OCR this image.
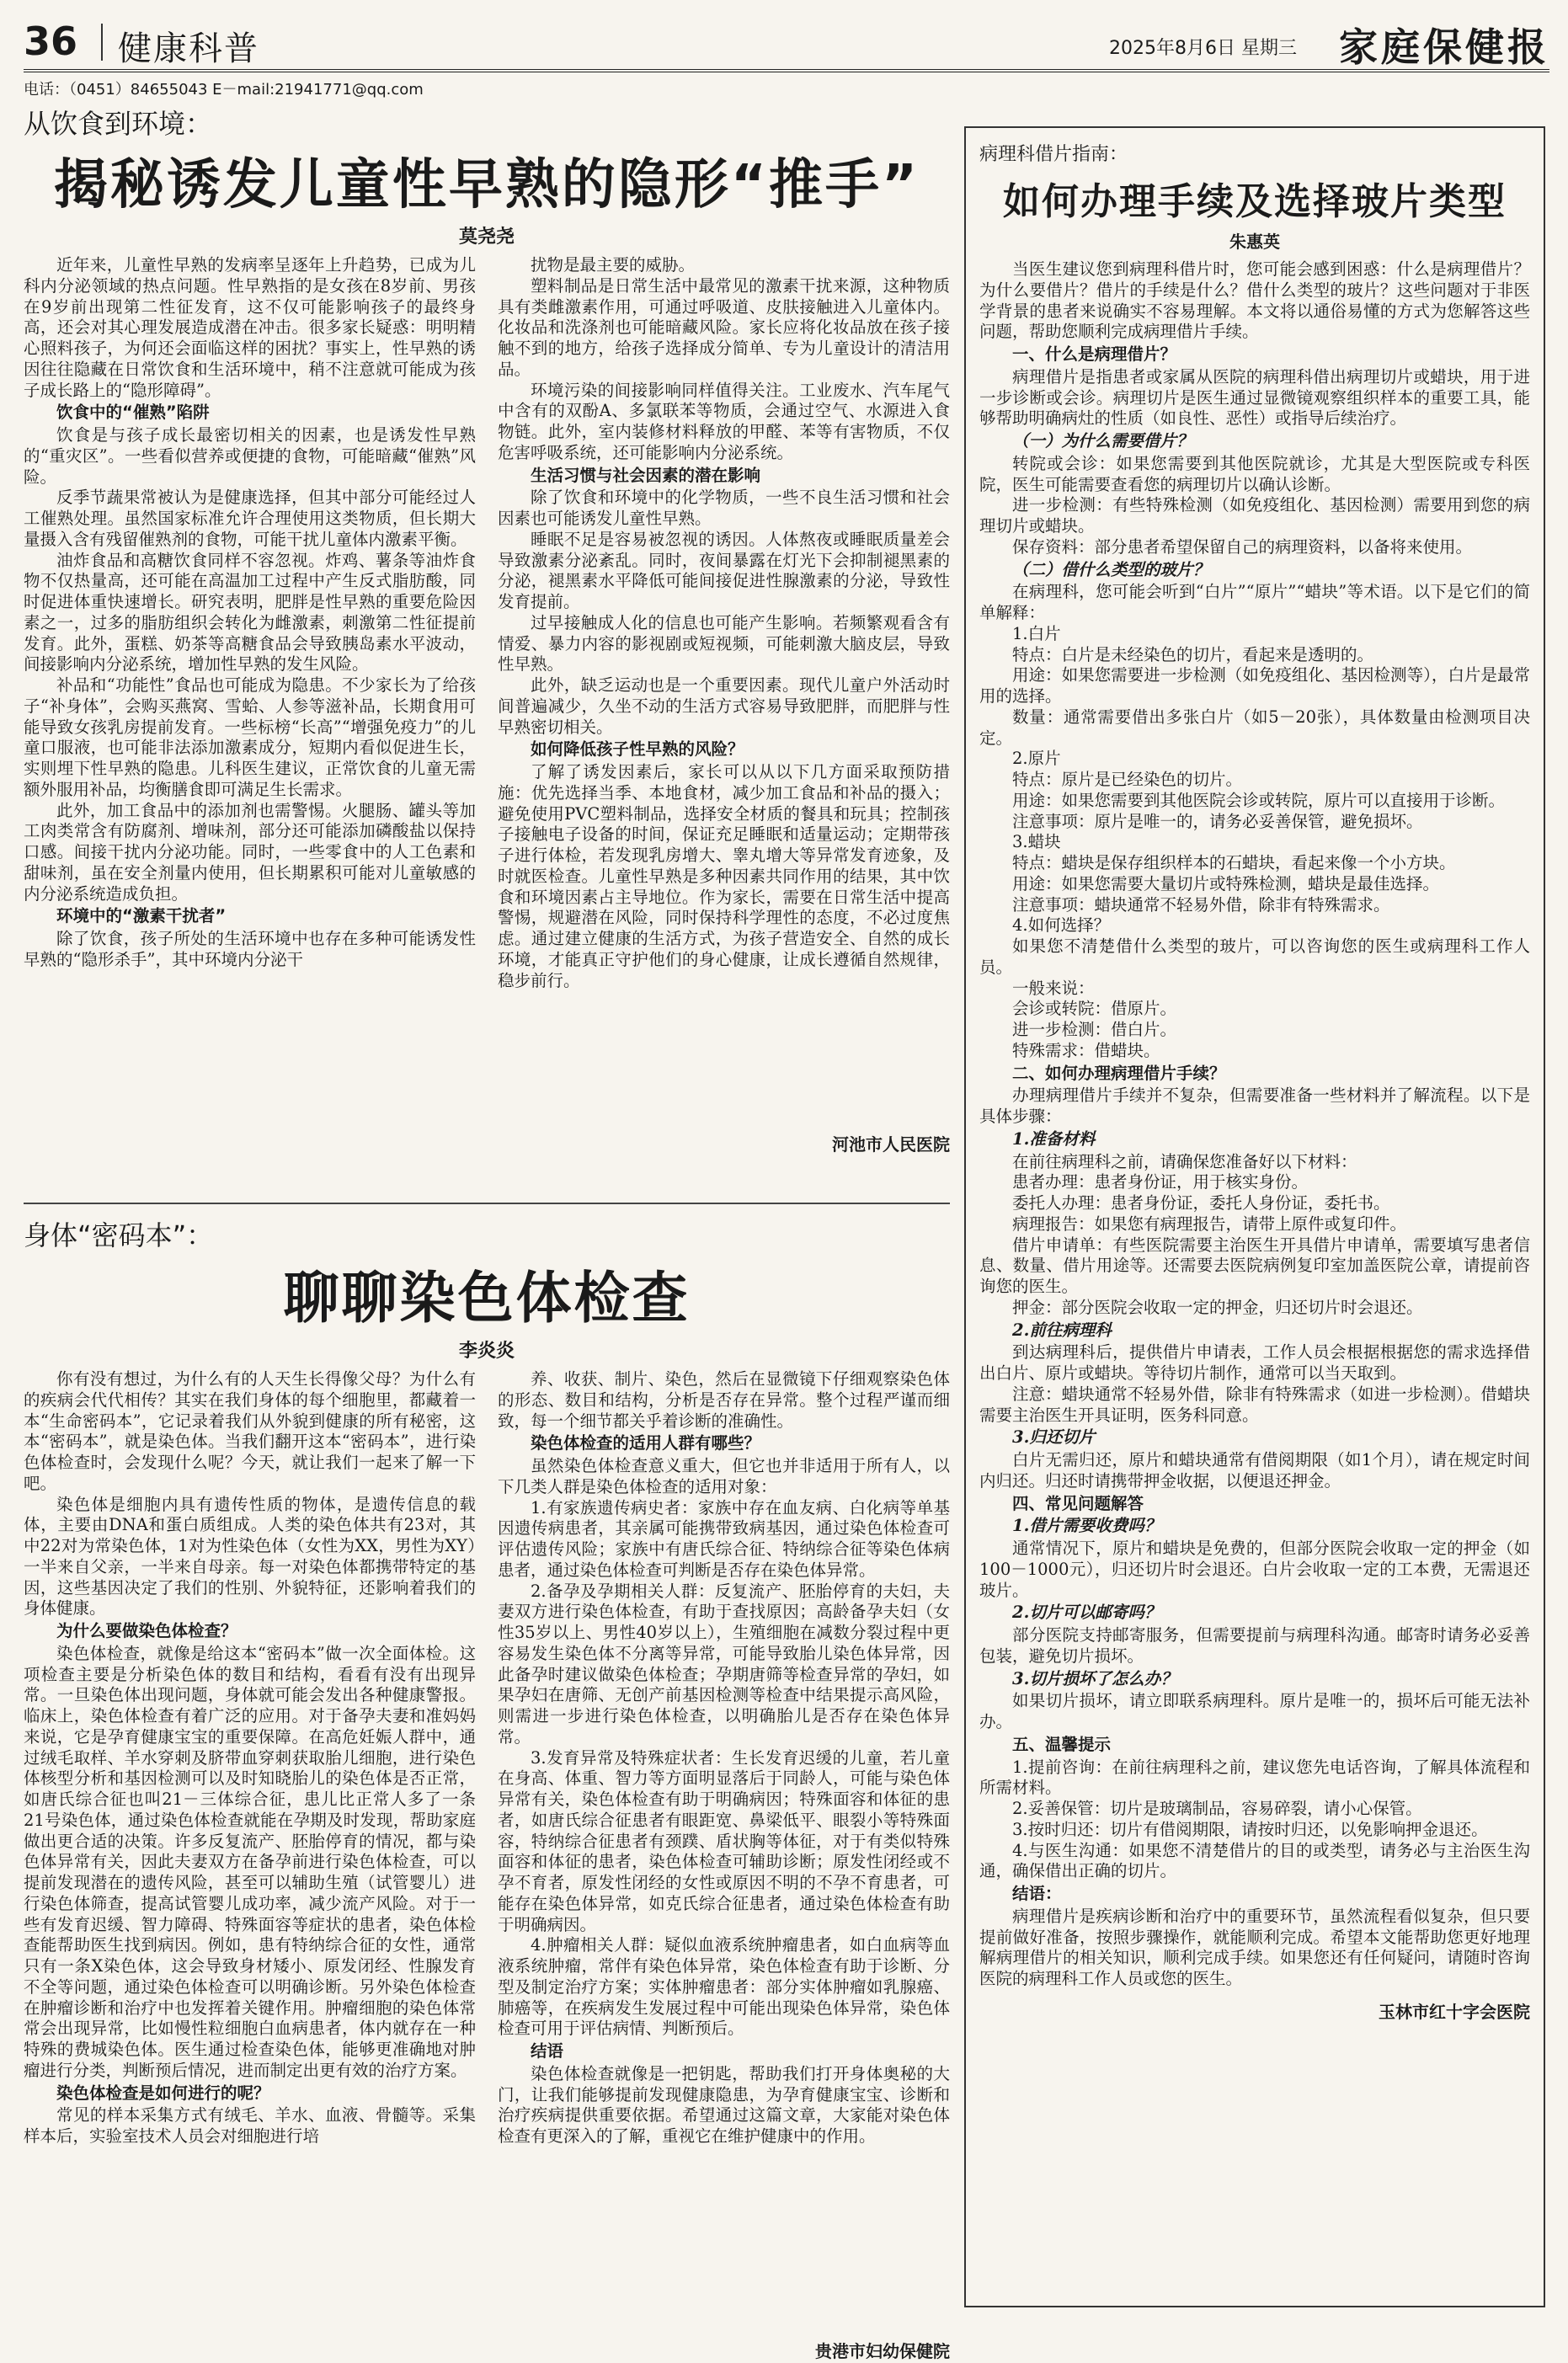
36 健康科普	2025年8月6日 星期三 家庭保健报
电话：（0451）84655043 E－mail:21941771@qq.com

从饮食到环境：

揭秘诱发儿童性早熟的隐形“推手”
莫尧尧

近年来，儿童性早熟的发病率呈逐年上升趋势，已成为儿科内分泌领域的热点问题。性早熟指的是女孩在8岁前、男孩在9岁前出现第二性征发育，这不仅可能影响孩子的最终身高，还会对其心理发展造成潜在冲击。很多家长疑惑：明明精心照料孩子，为何还会面临这样的困扰？事实上，性早熟的诱因往往隐藏在日常饮食和生活环境中，稍不注意就可能成为孩子成长路上的“隐形障碍”。

饮食中的“催熟”陷阱

饮食是与孩子成长最密切相关的因素，也是诱发性早熟的“重灾区”。一些看似营养或便捷的食物，可能暗藏“催熟”风险。

反季节蔬果常被认为是健康选择，但其中部分可能经过人工催熟处理。虽然国家标准允许合理使用这类物质，但长期大量摄入含有残留催熟剂的食物，可能干扰儿童体内激素平衡。

油炸食品和高糖饮食同样不容忽视。炸鸡、薯条等油炸食物不仅热量高，还可能在高温加工过程中产生反式脂肪酸，同时促进体重快速增长。研究表明，肥胖是性早熟的重要危险因素之一，过多的脂肪组织会转化为雌激素，刺激第二性征提前发育。此外，蛋糕、奶茶等高糖食品会导致胰岛素水平波动，间接影响内分泌系统，增加性早熟的发生风险。

补品和“功能性”食品也可能成为隐患。不少家长为了给孩子“补身体”，会购买燕窝、雪蛤、人参等滋补品，长期食用可能导致女孩乳房提前发育。一些标榜“长高”“增强免疫力”的儿童口服液，也可能非法添加激素成分，短期内看似促进生长，实则埋下性早熟的隐患。儿科医生建议，正常饮食的儿童无需额外服用补品，均衡膳食即可满足生长需求。

此外，加工食品中的添加剂也需警惕。火腿肠、罐头等加工肉类常含有防腐剂、增味剂，部分还可能添加磷酸盐以保持口感。间接干扰内分泌功能。同时，一些零食中的人工色素和甜味剂，虽在安全剂量内使用，但长期累积可能对儿童敏感的内分泌系统造成负担。

环境中的“激素干扰者”

除了饮食，孩子所处的生活环境中也存在多种可能诱发性早熟的“隐形杀手”，其中环境内分泌干

扰物是最主要的威胁。

塑料制品是日常生活中最常见的激素干扰来源，这种物质具有类雌激素作用，可通过呼吸道、皮肤接触进入儿童体内。化妆品和洗涤剂也可能暗藏风险。家长应将化妆品放在孩子接触不到的地方，给孩子选择成分简单、专为儿童设计的清洁用品。

环境污染的间接影响同样值得关注。工业废水、汽车尾气中含有的双酚A、多氯联苯等物质，会通过空气、水源进入食物链。此外，室内装修材料释放的甲醛、苯等有害物质，不仅危害呼吸系统，还可能影响内分泌系统。

生活习惯与社会因素的潜在影响

除了饮食和环境中的化学物质，一些不良生活习惯和社会因素也可能诱发儿童性早熟。

睡眠不足是容易被忽视的诱因。人体熬夜或睡眠质量差会导致激素分泌紊乱。同时，夜间暴露在灯光下会抑制褪黑素的分泌，褪黑素水平降低可能间接促进性腺激素的分泌，导致性发育提前。

过早接触成人化的信息也可能产生影响。若频繁观看含有情爱、暴力内容的影视剧或短视频，可能刺激大脑皮层，导致性早熟。

此外，缺乏运动也是一个重要因素。现代儿童户外活动时间普遍减少，久坐不动的生活方式容易导致肥胖，而肥胖与性早熟密切相关。

如何降低孩子性早熟的风险？

了解了诱发因素后，家长可以从以下几方面采取预防措施：优先选择当季、本地食材，减少加工食品和补品的摄入；避免使用PVC塑料制品，选择安全材质的餐具和玩具；控制孩子接触电子设备的时间，保证充足睡眠和适量运动；定期带孩子进行体检，若发现乳房增大、睾丸增大等异常发育迹象，及时就医检查。儿童性早熟是多种因素共同作用的结果，其中饮食和环境因素占主导地位。作为家长，需要在日常生活中提高警惕，规避潜在风险，同时保持科学理性的态度，不必过度焦虑。通过建立健康的生活方式，为孩子营造安全、自然的成长环境，才能真正守护他们的身心健康，让成长遵循自然规律，稳步前行。

河池市人民医院

身体“密码本”：

聊聊染色体检查
李炎炎

你有没有想过，为什么有的人天生长得像父母？为什么有的疾病会代代相传？其实在我们身体的每个细胞里，都藏着一本“生命密码本”，它记录着我们从外貌到健康的所有秘密，这本“密码本”，就是染色体。当我们翻开这本“密码本”，进行染色体检查时，会发现什么呢？今天，就让我们一起来了解一下吧。

染色体是细胞内具有遗传性质的物体，是遗传信息的载体，主要由DNA和蛋白质组成。人类的染色体共有23对，其中22对为常染色体，1对为性染色体（女性为XX，男性为XY）一半来自父亲，一半来自母亲。每一对染色体都携带特定的基因，这些基因决定了我们的性别、外貌特征，还影响着我们的身体健康。

为什么要做染色体检查？

染色体检查，就像是给这本“密码本”做一次全面体检。这项检查主要是分析染色体的数目和结构，看看有没有出现异常。一旦染色体出现问题，身体就可能会发出各种健康警报。临床上，染色体检查有着广泛的应用。对于备孕夫妻和准妈妈来说，它是孕育健康宝宝的重要保障。在高危妊娠人群中，通过绒毛取样、羊水穿刺及脐带血穿刺获取胎儿细胞，进行染色体核型分析和基因检测可以及时知晓胎儿的染色体是否正常，如唐氏综合征也叫21－三体综合征，患儿比正常人多了一条21号染色体，通过染色体检查就能在孕期及时发现，帮助家庭做出更合适的决策。许多反复流产、胚胎停育的情况，都与染色体异常有关，因此夫妻双方在备孕前进行染色体检查，可以提前发现潜在的遗传风险，甚至可以辅助生殖（试管婴儿）进行染色体筛查，提高试管婴儿成功率，减少流产风险。对于一些有发育迟缓、智力障碍、特殊面容等症状的患者，染色体检查能帮助医生找到病因。例如，患有特纳综合征的女性，通常只有一条X染色体，这会导致身材矮小、原发闭经、性腺发育不全等问题，通过染色体检查可以明确诊断。另外染色体检查在肿瘤诊断和治疗中也发挥着关键作用。肿瘤细胞的染色体常常会出现异常，比如慢性粒细胞白血病患者，体内就存在一种特殊的费城染色体。医生通过检查染色体，能够更准确地对肿瘤进行分类，判断预后情况，进而制定出更有效的治疗方案。

染色体检查是如何进行的呢？

常见的样本采集方式有绒毛、羊水、血液、骨髓等。采集样本后，实验室技术人员会对细胞进行培

养、收获、制片、染色，然后在显微镜下仔细观察染色体的形态、数目和结构，分析是否存在异常。整个过程严谨而细致，每一个细节都关乎着诊断的准确性。

染色体检查的适用人群有哪些？

虽然染色体检查意义重大，但它也并非适用于所有人，以下几类人群是染色体检查的适用对象：

1.有家族遗传病史者：家族中存在血友病、白化病等单基因遗传病患者，其亲属可能携带致病基因，通过染色体检查可评估遗传风险；家族中有唐氏综合征、特纳综合征等染色体病患者，通过染色体检查可判断是否存在染色体异常。

2.备孕及孕期相关人群：反复流产、胚胎停育的夫妇，夫妻双方进行染色体检查，有助于查找原因；高龄备孕夫妇（女性35岁以上、男性40岁以上），生殖细胞在减数分裂过程中更容易发生染色体不分离等异常，可能导致胎儿染色体异常，因此备孕时建议做染色体检查；孕期唐筛等检查异常的孕妇，如果孕妇在唐筛、无创产前基因检测等检查中结果提示高风险，则需进一步进行染色体检查，以明确胎儿是否存在染色体异常。

3.发育异常及特殊症状者：生长发育迟缓的儿童，若儿童在身高、体重、智力等方面明显落后于同龄人，可能与染色体异常有关，染色体检查有助于明确病因；特殊面容和体征的患者，如唐氏综合征患者有眼距宽、鼻梁低平、眼裂小等特殊面容，特纳综合征患者有颈蹼、盾状胸等体征，对于有类似特殊面容和体征的患者，染色体检查可辅助诊断；原发性闭经或不孕不育者，原发性闭经的女性或原因不明的不孕不育患者，可能存在染色体异常，如克氏综合征患者，通过染色体检查有助于明确病因。

4.肿瘤相关人群：疑似血液系统肿瘤患者，如白血病等血液系统肿瘤，常伴有染色体异常，染色体检查有助于诊断、分型及制定治疗方案；实体肿瘤患者：部分实体肿瘤如乳腺癌、肺癌等，在疾病发生发展过程中可能出现染色体异常，染色体检查可用于评估病情、判断预后。

结语

染色体检查就像是一把钥匙，帮助我们打开身体奥秘的大门，让我们能够提前发现健康隐患，为孕育健康宝宝、诊断和治疗疾病提供重要依据。希望通过这篇文章，大家能对染色体检查有更深入的了解，重视它在维护健康中的作用。

贵港市妇幼保健院

病理科借片指南：

如何办理手续及选择玻片类型
朱惠英

当医生建议您到病理科借片时，您可能会感到困惑：什么是病理借片？为什么要借片？借片的手续是什么？借什么类型的玻片？这些问题对于非医学背景的患者来说确实不容易理解。本文将以通俗易懂的方式为您解答这些问题，帮助您顺利完成病理借片手续。

一、什么是病理借片？

病理借片是指患者或家属从医院的病理科借出病理切片或蜡块，用于进一步诊断或会诊。病理切片是医生通过显微镜观察组织样本的重要工具，能够帮助明确病灶的性质（如良性、恶性）或指导后续治疗。

（一）为什么需要借片？

转院或会诊：如果您需要到其他医院就诊，尤其是大型医院或专科医院，医生可能需要查看您的病理切片以确认诊断。

进一步检测：有些特殊检测（如免疫组化、基因检测）需要用到您的病理切片或蜡块。

保存资料：部分患者希望保留自己的病理资料，以备将来使用。

（二）借什么类型的玻片？

在病理科，您可能会听到“白片”“原片”“蜡块”等术语。以下是它们的简单解释：

1.白片

特点：白片是未经染色的切片，看起来是透明的。

用途：如果您需要进一步检测（如免疫组化、基因检测等），白片是最常用的选择。

数量：通常需要借出多张白片（如5－20张），具体数量由检测项目决定。

2.原片

特点：原片是已经染色的切片。

用途：如果您需要到其他医院会诊或转院，原片可以直接用于诊断。

注意事项：原片是唯一的，请务必妥善保管，避免损坏。

3.蜡块

特点：蜡块是保存组织样本的石蜡块，看起来像一个小方块。

用途：如果您需要大量切片或特殊检测，蜡块是最佳选择。

注意事项：蜡块通常不轻易外借，除非有特殊需求。

4.如何选择？

如果您不清楚借什么类型的玻片，可以咨询您的医生或病理科工作人员。

一般来说：

会诊或转院：借原片。

进一步检测：借白片。

特殊需求：借蜡块。

二、如何办理病理借片手续？

办理病理借片手续并不复杂，但需要准备一些材料并了解流程。以下是具体步骤：

1.准备材料

在前往病理科之前，请确保您准备好以下材料：

患者办理：患者身份证，用于核实身份。

委托人办理：患者身份证，委托人身份证，委托书。

病理报告：如果您有病理报告，请带上原件或复印件。

借片申请单：有些医院需要主治医生开具借片申请单，需要填写患者信息、数量、借片用途等。还需要去医院病例复印室加盖医院公章，请提前咨询您的医生。

押金：部分医院会收取一定的押金，归还切片时会退还。

2.前往病理科

到达病理科后，提供借片申请表，工作人员会根据根据您的需求选择借出白片、原片或蜡块。等待切片制作，通常可以当天取到。

注意：蜡块通常不轻易外借，除非有特殊需求（如进一步检测）。借蜡块需要主治医生开具证明，医务科同意。

3.归还切片

白片无需归还，原片和蜡块通常有借阅期限（如1个月），请在规定时间内归还。归还时请携带押金收据，以便退还押金。

四、常见问题解答
1.借片需要收费吗？

通常情况下，原片和蜡块是免费的，但部分医院会收取一定的押金（如100－1000元），归还切片时会退还。白片会收取一定的工本费，无需退还玻片。

2.切片可以邮寄吗？

部分医院支持邮寄服务，但需要提前与病理科沟通。邮寄时请务必妥善包装，避免切片损坏。

3.切片损坏了怎么办？

如果切片损坏，请立即联系病理科。原片是唯一的，损坏后可能无法补办。

五、温馨提示

1.提前咨询：在前往病理科之前，建议您先电话咨询，了解具体流程和所需材料。

2.妥善保管：切片是玻璃制品，容易碎裂，请小心保管。

3.按时归还：切片有借阅期限，请按时归还，以免影响押金退还。

4.与医生沟通：如果您不清楚借片的目的或类型，请务必与主治医生沟通，确保借出正确的切片。

结语：

病理借片是疾病诊断和治疗中的重要环节，虽然流程看似复杂，但只要提前做好准备，按照步骤操作，就能顺利完成。希望本文能帮助您更好地理解病理借片的相关知识，顺利完成手续。如果您还有任何疑问，请随时咨询医院的病理科工作人员或您的医生。

玉林市红十字会医院
